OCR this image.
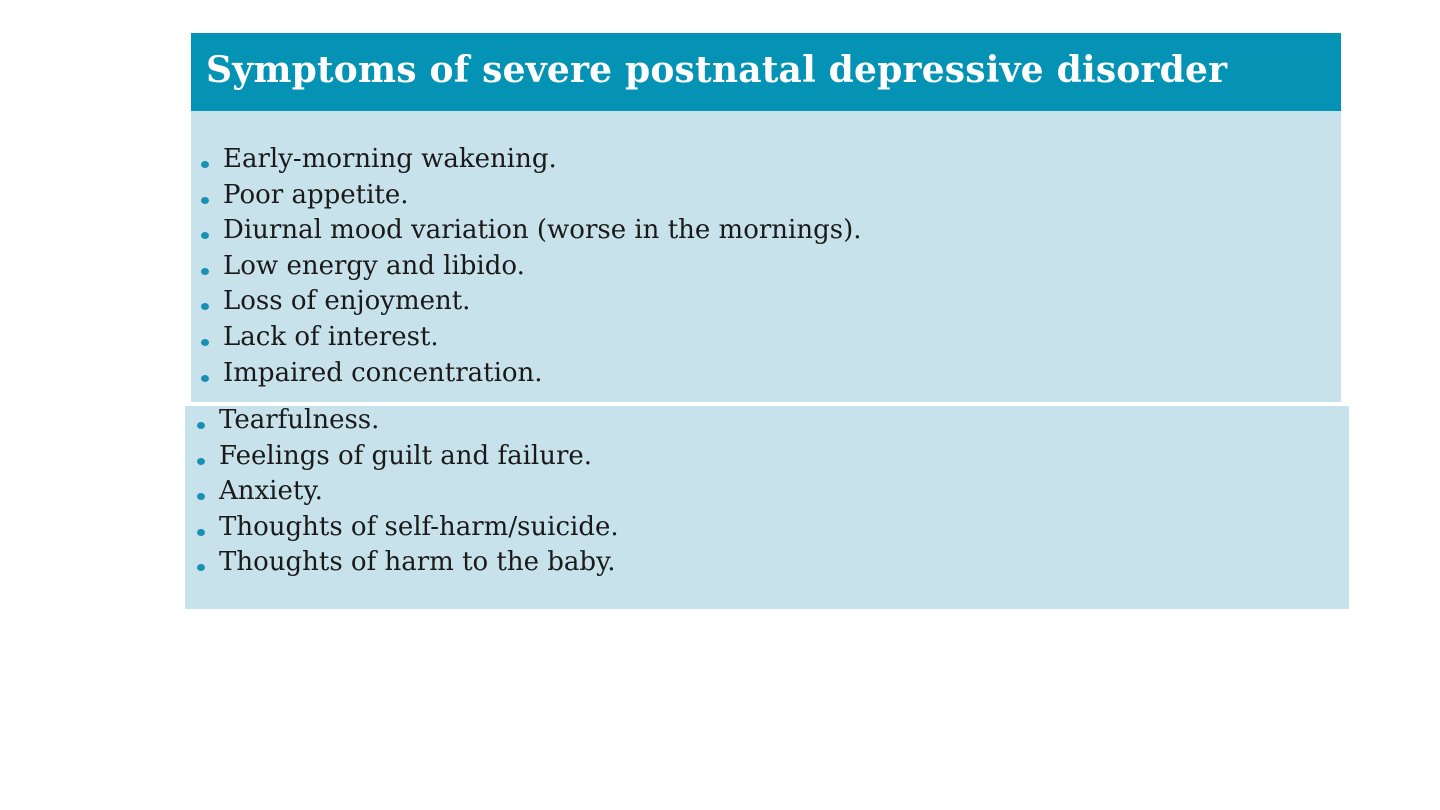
Symptoms of severe postnatal depressive disorder
Early-morning wakening.
Poor appetite.
Diurnal mood variation (worse in the mornings).
Low energy and libido.
Loss of enjoyment.
Lack of interest.
Impaired concentration.
Tearfulness.
Feelings of guilt and failure.
Anxiety.
Thoughts of self-harm/suicide.
Thoughts of harm to the baby.
